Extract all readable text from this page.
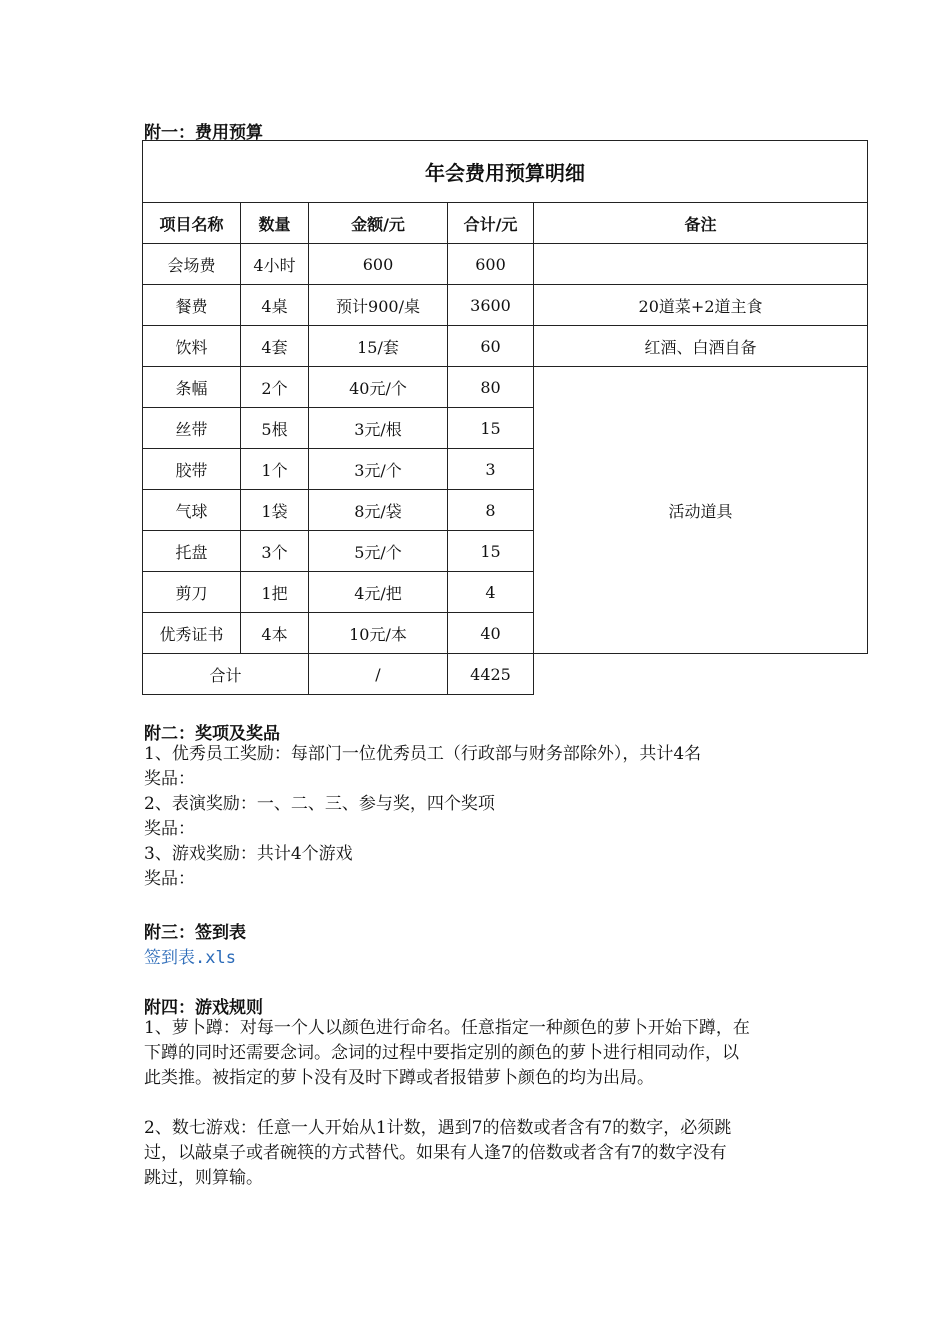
附一：费用预算
年会费用预算明细				
项目名称	数量	金额/元	合计/元	备注
会场费	4小时	600	600	
餐费	4桌	预计900/桌	3600	20道菜+2道主食
饮料	4套	15/套	60	红酒、白酒自备
条幅	2个	40元/个	80	活动道具
丝带	5根	3元/根	15	
胶带	1个	3元/个	3	
气球	1袋	8元/袋	8	
托盘	3个	5元/个	15	
剪刀	1把	4元/把	4	
优秀证书	4本	10元/本	40	
合计		/	4425	
附二：奖项及奖品
1、优秀员工奖励：每部门一位优秀员工（行政部与财务部除外），共计4名
奖品：
2、表演奖励：一、二、三、参与奖，四个奖项
奖品：
3、游戏奖励：共计4个游戏
奖品：
附三：签到表
签到表.xls
附四：游戏规则
1、萝卜蹲：对每一个人以颜色进行命名。任意指定一种颜色的萝卜开始下蹲，在
下蹲的同时还需要念词。念词的过程中要指定别的颜色的萝卜进行相同动作，以
此类推。被指定的萝卜没有及时下蹲或者报错萝卜颜色的均为出局。
2、数七游戏：任意一人开始从1计数，遇到7的倍数或者含有7的数字，必须跳
过，以敲桌子或者碗筷的方式替代。如果有人逢7的倍数或者含有7的数字没有
跳过，则算输。
